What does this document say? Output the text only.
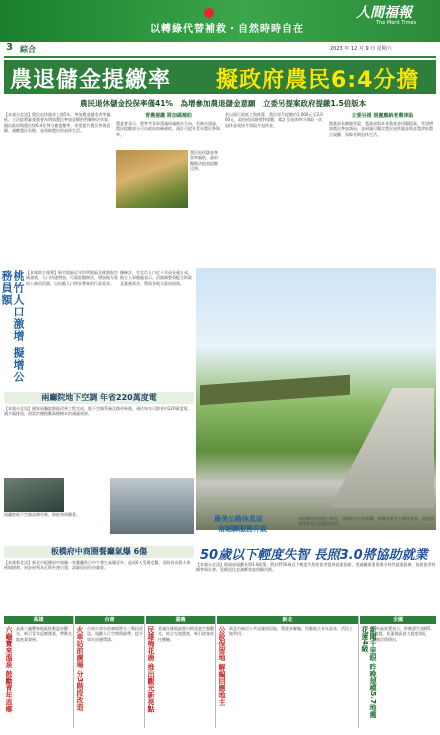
以轉綠代替補救・自然時時自在
人間福報
The Merit Times
3 綜合	2023 年 12 月 9 日 星期六
農退儲金提繳率 擬政府農民6:4分擔
農民退休儲金投保率僅41%　為增參加農退儲金意願　立委另提案政府提繳1.5倍版本
【本報台北訊】農民退休儲金上路5年，參加農退儲金者率偏低，立法院將審查農會為增加農民參加意願的相關修法草案，擬由政府與農民按6:4比例分擔提繳率，希望提升農民參與意願，減輕農民負擔，並保障農民的退休生活。
青農提繳 將加碼補助
農委會表示，將參考各界建議研議修法方向，若修法通過，農民提繳部分可由政府加碼補助，預計可提升青年農民參與率。
農民退休儲金參加率偏低，政府擬修法提高提繳比例。
若以現行最低工資推算，農民每月提繳約1,000元至2,000元，政府依同額相對提繳，累計至退休時可領取一次退休金或按月領取月退休金。
立委另提 規畫應納老農津貼
農業部長陳駿季說，農業部與本身農基金同擬提案，希望增加農民參加誘因，並研議可擬定農民退休儲金與老農津貼整合規劃，保障長期退休生活。
桃竹人口激增 擬增公務員額	【本報綜合報導】新竹地區近年科學園區及桃園航空城發展，人口快速增加，行政院擬修法，增加地方政府公務員員額，以因應人口增長帶來的行政需求。
據統計，竹北市人口近十年成長逾五成，地方人事總處表示，員額調整須配合財政及業務需求，將與各地方政府協商。
最美公路休息站
南迴驛服務升級
南迴驛位於南迴公路旁，建築結合山海景觀，被譽為最美公路休息站，提供旅客休憩及在地農產展售。
50歲以下輕度失智 長照3.0將協助就業
【本報台北訊】衛福部規劃長照3.0政策，將針對50歲以下輕度失智症患者提供就業協助，透過職業重建與支持性就業服務，協助患者持續參與社會，延緩退化並減輕家庭照顧負擔。
兩廳院地下空調 年省220萬度電
【本報台北訊】國家兩廳院節能改善工程完成，地下空調系統汰換更新後，預估每年可節省約220萬度電，減少碳排放，相當於種植數萬棵樹木的減碳效果。
兩廳院地下空調設備更新，節能效果顯著。
板橋府中商圈餐廳氣爆 6傷
【本報新北訊】新北市板橋府中商圈一家餐廳昨日中午發生氣爆意外，造成6人受傷送醫，消防局出動人車到場搶救，初步研判為瓦斯外洩引發，詳細原因仍待調查。
高雄
六龜寶來溫泉 鼓勵青年返鄉 高雄六龜寶來地區推動溫泉觀光，吸引青年返鄉創業，帶動在地產業發展。
台南
火車站前廣場 分3階段改造 台南火車站前廣場將分三階段改造，規劃人行空間與綠帶，提升車站周邊環境。
嘉義
民雄梅花鹿 推出觀光新亮點 嘉義民雄地區推出梅花鹿生態觀光，結合在地農產，吸引遊客前往體驗。
新北
公設保留地 解編回應地主 新北市檢討公共設施保留地，將逐步解編，回應地主長年訴求，活化土地利用。
全國
新聞千里眼 昨晚規模5.7地震 花蓮4級 中央氣象署表示，昨晚發生規模5.7地震，花蓮地區最大震度4級，暫無災情傳出。
